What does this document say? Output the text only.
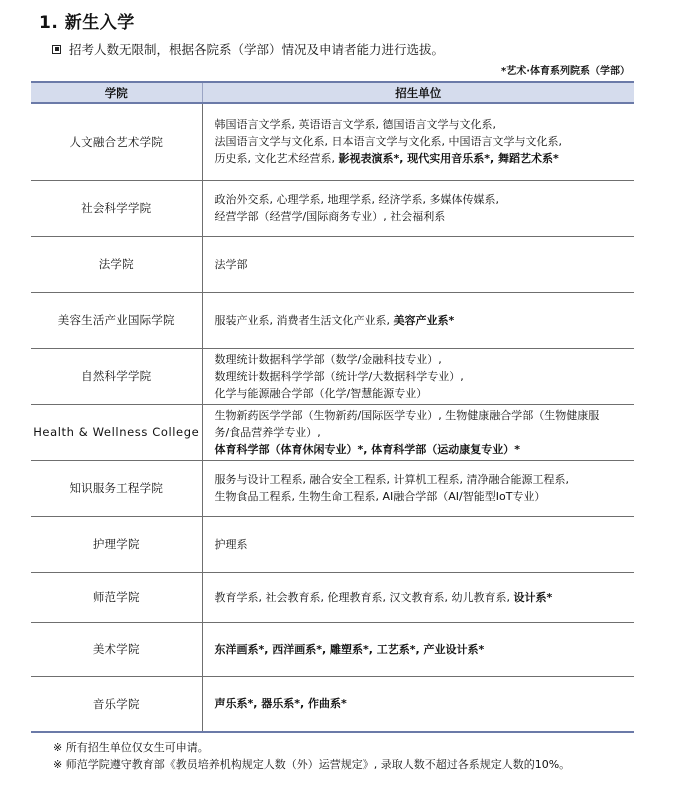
1. 新生入学
招考人数无限制，根据各院系（学部）情况及申请者能力进行选拔。
*艺术·体育系列院系（学部）
学院	招生单位
人文融合艺术学院	韩国语言文学系, 英语语言文学系, 德国语言文学与文化系,
法国语言文学与文化系, 日本语言文学与文化系, 中国语言文学与文化系,
历史系, 文化艺术经营系, 影视表演系*, 现代实用音乐系*, 舞蹈艺术系*

社会科学学院	政治外交系, 心理学系, 地理学系, 经济学系, 多媒体传媒系,
经营学部（经营学/国际商务专业）, 社会福利系

法学院	法学部

美容生活产业国际学院	服装产业系, 消费者生活文化产业系, 美容产业系*

自然科学学院	数理统计数据科学学部（数学/金融科技专业）,
数理统计数据科学学部（统计学/大数据科学专业）,
化学与能源融合学部（化学/智慧能源专业）

Health & Wellness College	生物新药医学学部（生物新药/国际医学专业）, 生物健康融合学部（生物健康服
务/食品营养学专业）,
体育科学部（体育休闲专业）*, 体育科学部（运动康复专业）*

知识服务工程学院	服务与设计工程系, 融合安全工程系, 计算机工程系, 清净融合能源工程系,
生物食品工程系, 生物生命工程系, AI融合学部（AI/智能型IoT专业）

护理学院	护理系

师范学院	教育学系, 社会教育系, 伦理教育系, 汉文教育系, 幼儿教育系, 设计系*

美术学院	东洋画系*, 西洋画系*, 雕塑系*, 工艺系*, 产业设计系*

音乐学院	声乐系*, 器乐系*, 作曲系*
※ 所有招生单位仅女生可申请。
※ 师范学院遵守教育部《教员培养机构规定人数（外）运营规定》, 录取人数不超过各系规定人数的10%。
